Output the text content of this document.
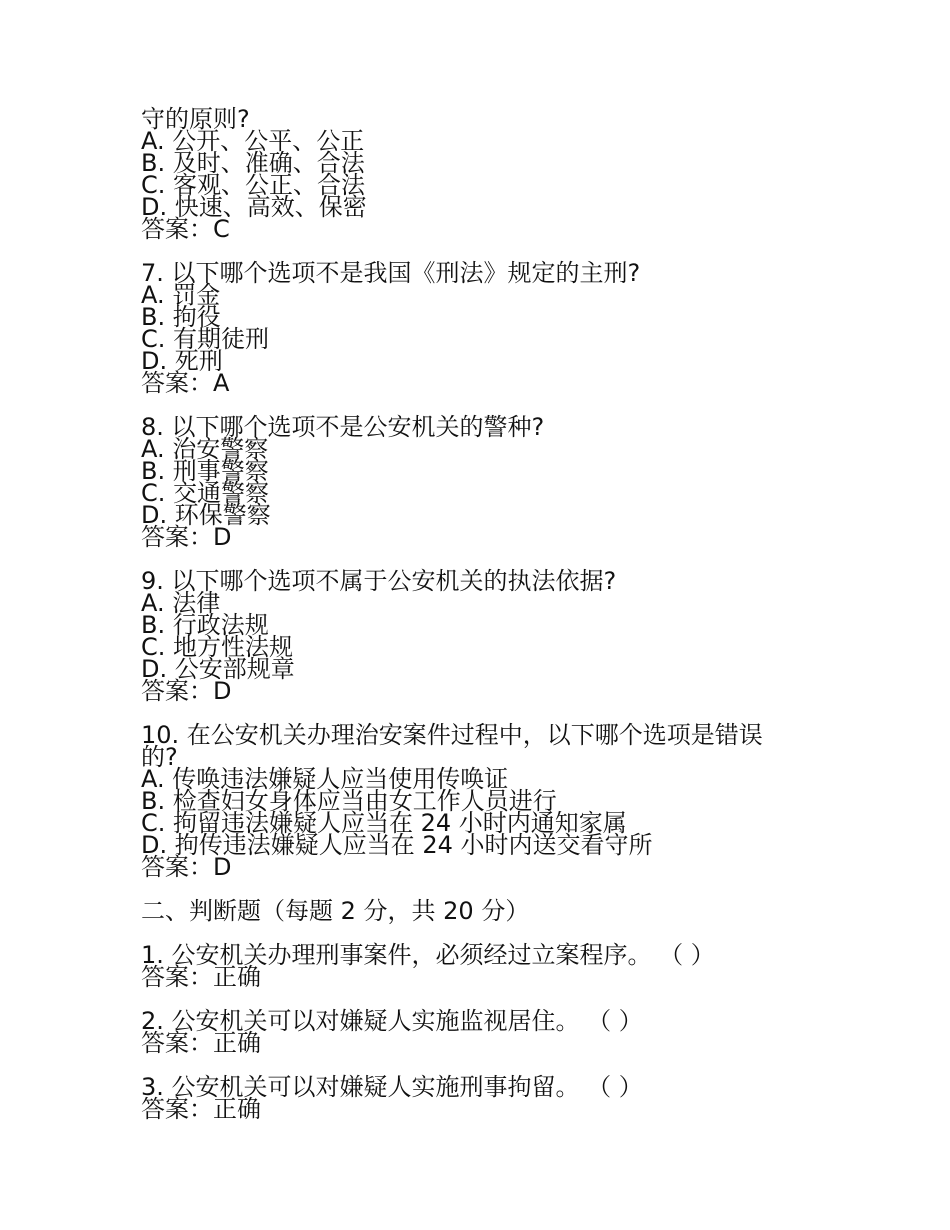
守的原则?
A. 公开、公平、公正
B. 及时、准确、合法
C. 客观、公正、合法
D. 快速、高效、保密
答案：C
7. 以下哪个选项不是我国《刑法》规定的主刑?
A. 罚金
B. 拘役
C. 有期徒刑
D. 死刑
答案：A
8. 以下哪个选项不是公安机关的警种?
A. 治安警察
B. 刑事警察
C. 交通警察
D. 环保警察
答案：D
9. 以下哪个选项不属于公安机关的执法依据?
A. 法律
B. 行政法规
C. 地方性法规
D. 公安部规章
答案：D
10. 在公安机关办理治安案件过程中，以下哪个选项是错误的?
A. 传唤违法嫌疑人应当使用传唤证
B. 检查妇女身体应当由女工作人员进行
C. 拘留违法嫌疑人应当在 24 小时内通知家属
D. 拘传违法嫌疑人应当在 24 小时内送交看守所
答案：D
二、判断题（每题 2 分，共 20 分）
1. 公安机关办理刑事案件，必须经过立案程序。 （ ）
答案：正确
2. 公安机关可以对嫌疑人实施监视居住。 （ ）
答案：正确
3. 公安机关可以对嫌疑人实施刑事拘留。 （ ）
答案：正确
